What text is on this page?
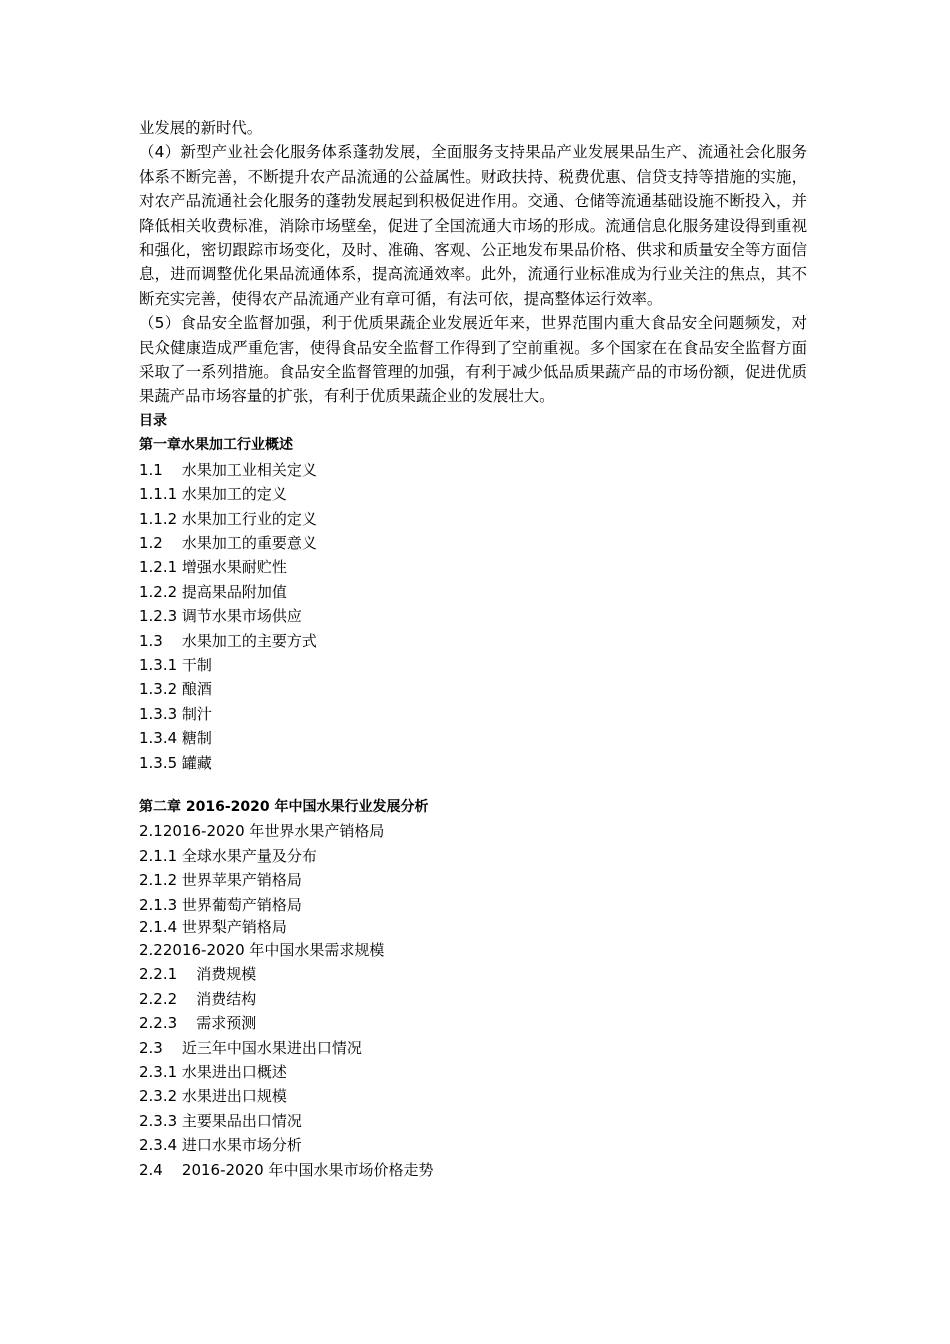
业发展的新时代。

（4）新型产业社会化服务体系蓬勃发展，全面服务支持果品产业发展果品生产、流通社会化服务体系不断完善，不断提升农产品流通的公益属性。财政扶持、税费优惠、信贷支持等措施的实施，对农产品流通社会化服务的蓬勃发展起到积极促进作用。交通、仓储等流通基础设施不断投入，并降低相关收费标准，消除市场壁垒，促进了全国流通大市场的形成。流通信息化服务建设得到重视和强化，密切跟踪市场变化，及时、准确、客观、公正地发布果品价格、供求和质量安全等方面信息，进而调整优化果品流通体系，提高流通效率。此外，流通行业标准成为行业关注的焦点，其不断充实完善，使得农产品流通产业有章可循，有法可依，提高整体运行效率。

（5）食品安全监督加强，利于优质果蔬企业发展近年来，世界范围内重大食品安全问题频发，对民众健康造成严重危害，使得食品安全监督工作得到了空前重视。多个国家在在食品安全监督方面采取了一系列措施。食品安全监督管理的加强，有利于减少低品质果蔬产品的市场份额，促进优质果蔬产品市场容量的扩张，有利于优质果蔬企业的发展壮大。

目录

第一章水果加工行业概述

1.1    水果加工业相关定义
1.1.1 水果加工的定义
1.1.2 水果加工行业的定义
1.2    水果加工的重要意义
1.2.1 增强水果耐贮性
1.2.2 提高果品附加值
1.2.3 调节水果市场供应
1.3    水果加工的主要方式
1.3.1 干制
1.3.2 酿酒
1.3.3 制汁
1.3.4 糖制
1.3.5 罐藏

第二章 2016-2020 年中国水果行业发展分析

2.12016-2020 年世界水果产销格局
2.1.1 全球水果产量及分布
2.1.2 世界苹果产销格局
2.1.3 世界葡萄产销格局
2.1.4 世界梨产销格局
2.22016-2020 年中国水果需求规模
2.2.1    消费规模
2.2.2    消费结构
2.2.3    需求预测
2.3    近三年中国水果进出口情况
2.3.1 水果进出口概述
2.3.2 水果进出口规模
2.3.3 主要果品出口情况
2.3.4 进口水果市场分析
2.4    2016-2020 年中国水果市场价格走势
